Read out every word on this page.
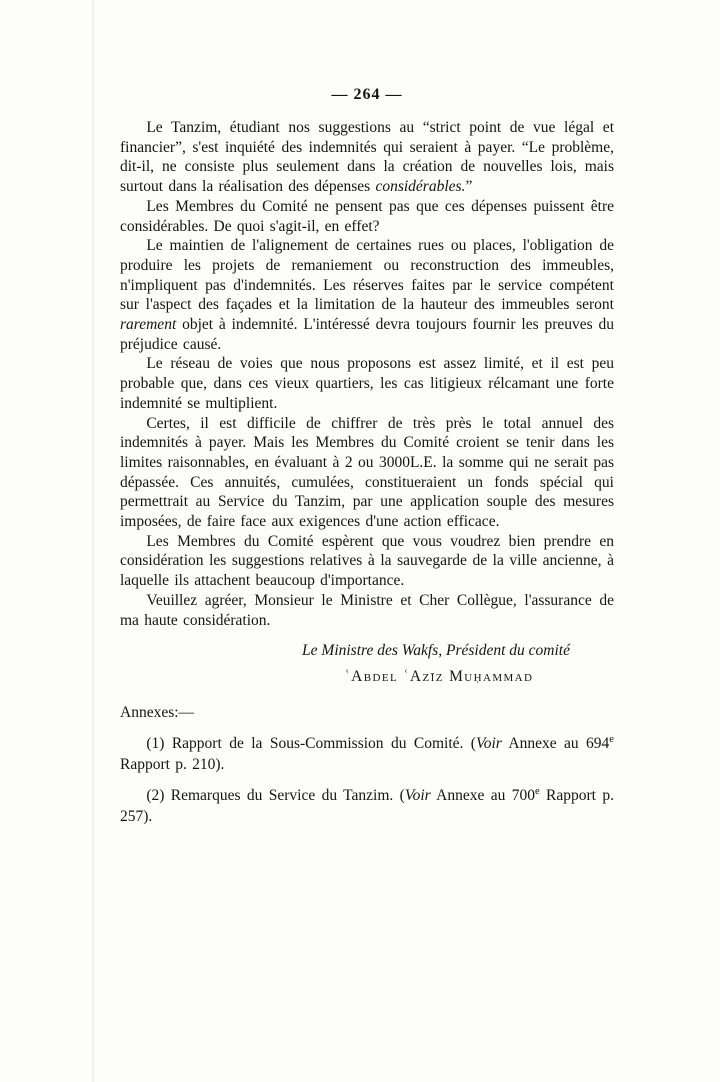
— 264 —

Le Tanzim, étudiant nos suggestions au “strict point de vue légal et financier”, s'est inquiété des indemnités qui seraient à payer. “Le problème, dit-il, ne consiste plus seulement dans la création de nouvelles lois, mais surtout dans la réalisation des dépenses considérables.”

Les Membres du Comité ne pensent pas que ces dépenses puissent être considérables. De quoi s'agit-il, en effet?

Le maintien de l'alignement de certaines rues ou places, l'obligation de produire les projets de remaniement ou reconstruction des immeubles, n'impliquent pas d'indemnités. Les réserves faites par le service compétent sur l'aspect des façades et la limitation de la hauteur des immeubles seront rarement objet à indemnité. L'intéressé devra toujours fournir les preuves du préjudice causé.

Le réseau de voies que nous proposons est assez limité, et il est peu probable que, dans ces vieux quartiers, les cas litigieux rélcamant une forte indemnité se multiplient.

Certes, il est difficile de chiffrer de très près le total annuel des indemnités à payer. Mais les Membres du Comité croient se tenir dans les limites raisonnables, en évaluant à 2 ou 3000L.E. la somme qui ne serait pas dépassée. Ces annuités, cumulées, constitueraient un fonds spécial qui permettrait au Service du Tanzim, par une application souple des mesures imposées, de faire face aux exigences d'une action efficace.

Les Membres du Comité espèrent que vous voudrez bien prendre en considération les suggestions relatives à la sauvegarde de la ville ancienne, à laquelle ils attachent beaucoup d'importance.

Veuillez agréer, Monsieur le Ministre et Cher Collègue, l'assurance de ma haute considération.

Le Ministre des Wakfs, Président du comité
ʿAbdel ʿAzīz Muḥammad
Annexes:—

(1) Rapport de la Sous-Commission du Comité. (Voir Annexe au 694e Rapport p. 210).

(2) Remarques du Service du Tanzim. (Voir Annexe au 700e Rapport p. 257).
